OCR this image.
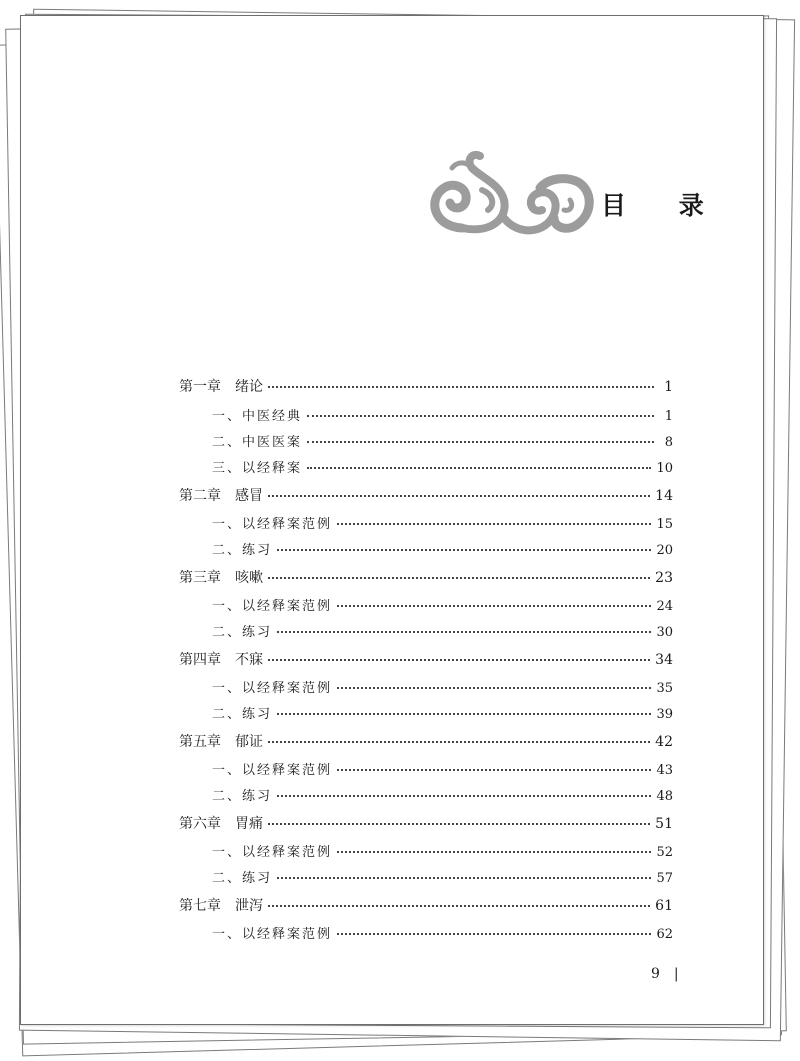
目 录
第一章 绪论	1
一、中医经典	1
二、中医医案	8
三、以经释案	10
第二章 感冒	14
一、以经释案范例	15
二、练习	20
第三章 咳嗽	23
一、以经释案范例	24
二、练习	30
第四章 不寐	34
一、以经释案范例	35
二、练习	39
第五章 郁证	42
一、以经释案范例	43
二、练习	48
第六章 胃痛	51
一、以经释案范例	52
二、练习	57
第七章 泄泻	61
一、以经释案范例	62
9 |
